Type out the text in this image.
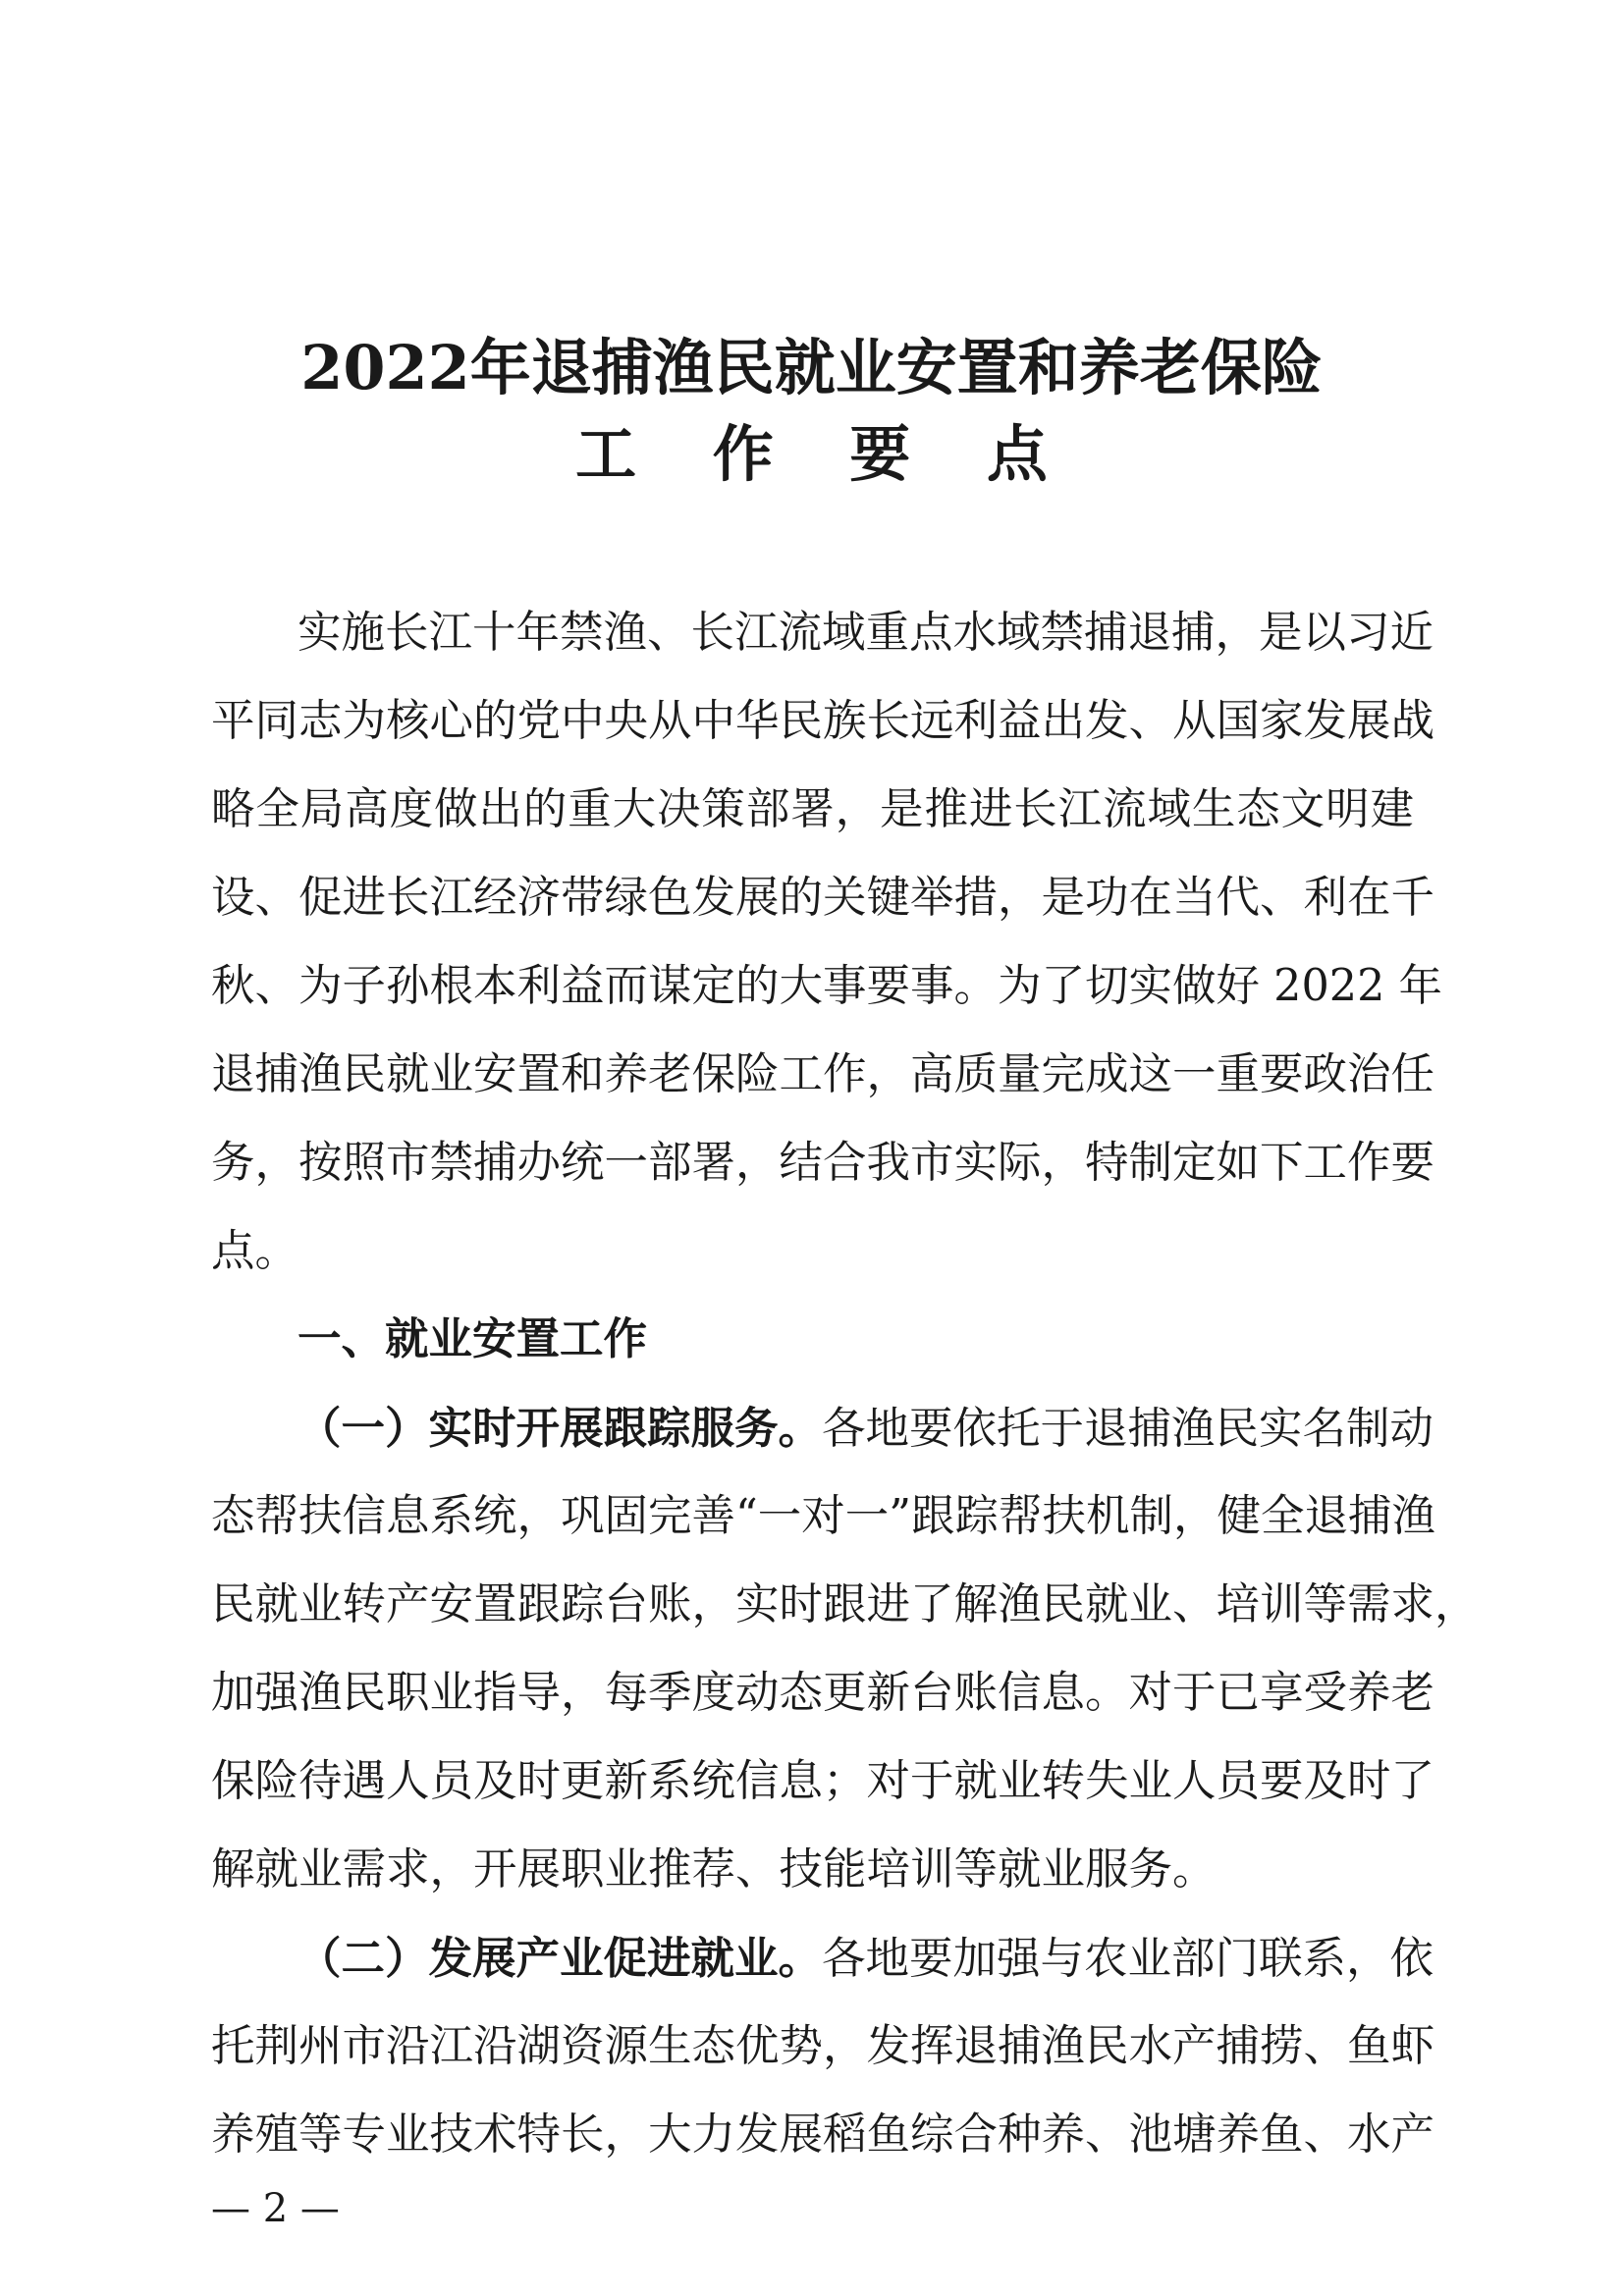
2022年退捕渔民就业安置和养老保险
工 作 要 点
实施长江十年禁渔、长江流域重点水域禁捕退捕，是以习近
平同志为核心的党中央从中华民族长远利益出发、从国家发展战
略全局高度做出的重大决策部署，是推进长江流域生态文明建
设、促进长江经济带绿色发展的关键举措，是功在当代、利在千
秋、为子孙根本利益而谋定的大事要事。为了切实做好 2022 年
退捕渔民就业安置和养老保险工作，高质量完成这一重要政治任
务，按照市禁捕办统一部署，结合我市实际，特制定如下工作要
点。
一、就业安置工作
（一）实时开展跟踪服务。各地要依托于退捕渔民实名制动
态帮扶信息系统，巩固完善“一对一”跟踪帮扶机制，健全退捕渔
民就业转产安置跟踪台账，实时跟进了解渔民就业、培训等需求，
加强渔民职业指导，每季度动态更新台账信息。对于已享受养老
保险待遇人员及时更新系统信息；对于就业转失业人员要及时了
解就业需求，开展职业推荐、技能培训等就业服务。
（二）发展产业促进就业。各地要加强与农业部门联系，依
托荆州市沿江沿湖资源生态优势，发挥退捕渔民水产捕捞、鱼虾
养殖等专业技术特长，大力发展稻鱼综合种养、池塘养鱼、水产
— 2 —
